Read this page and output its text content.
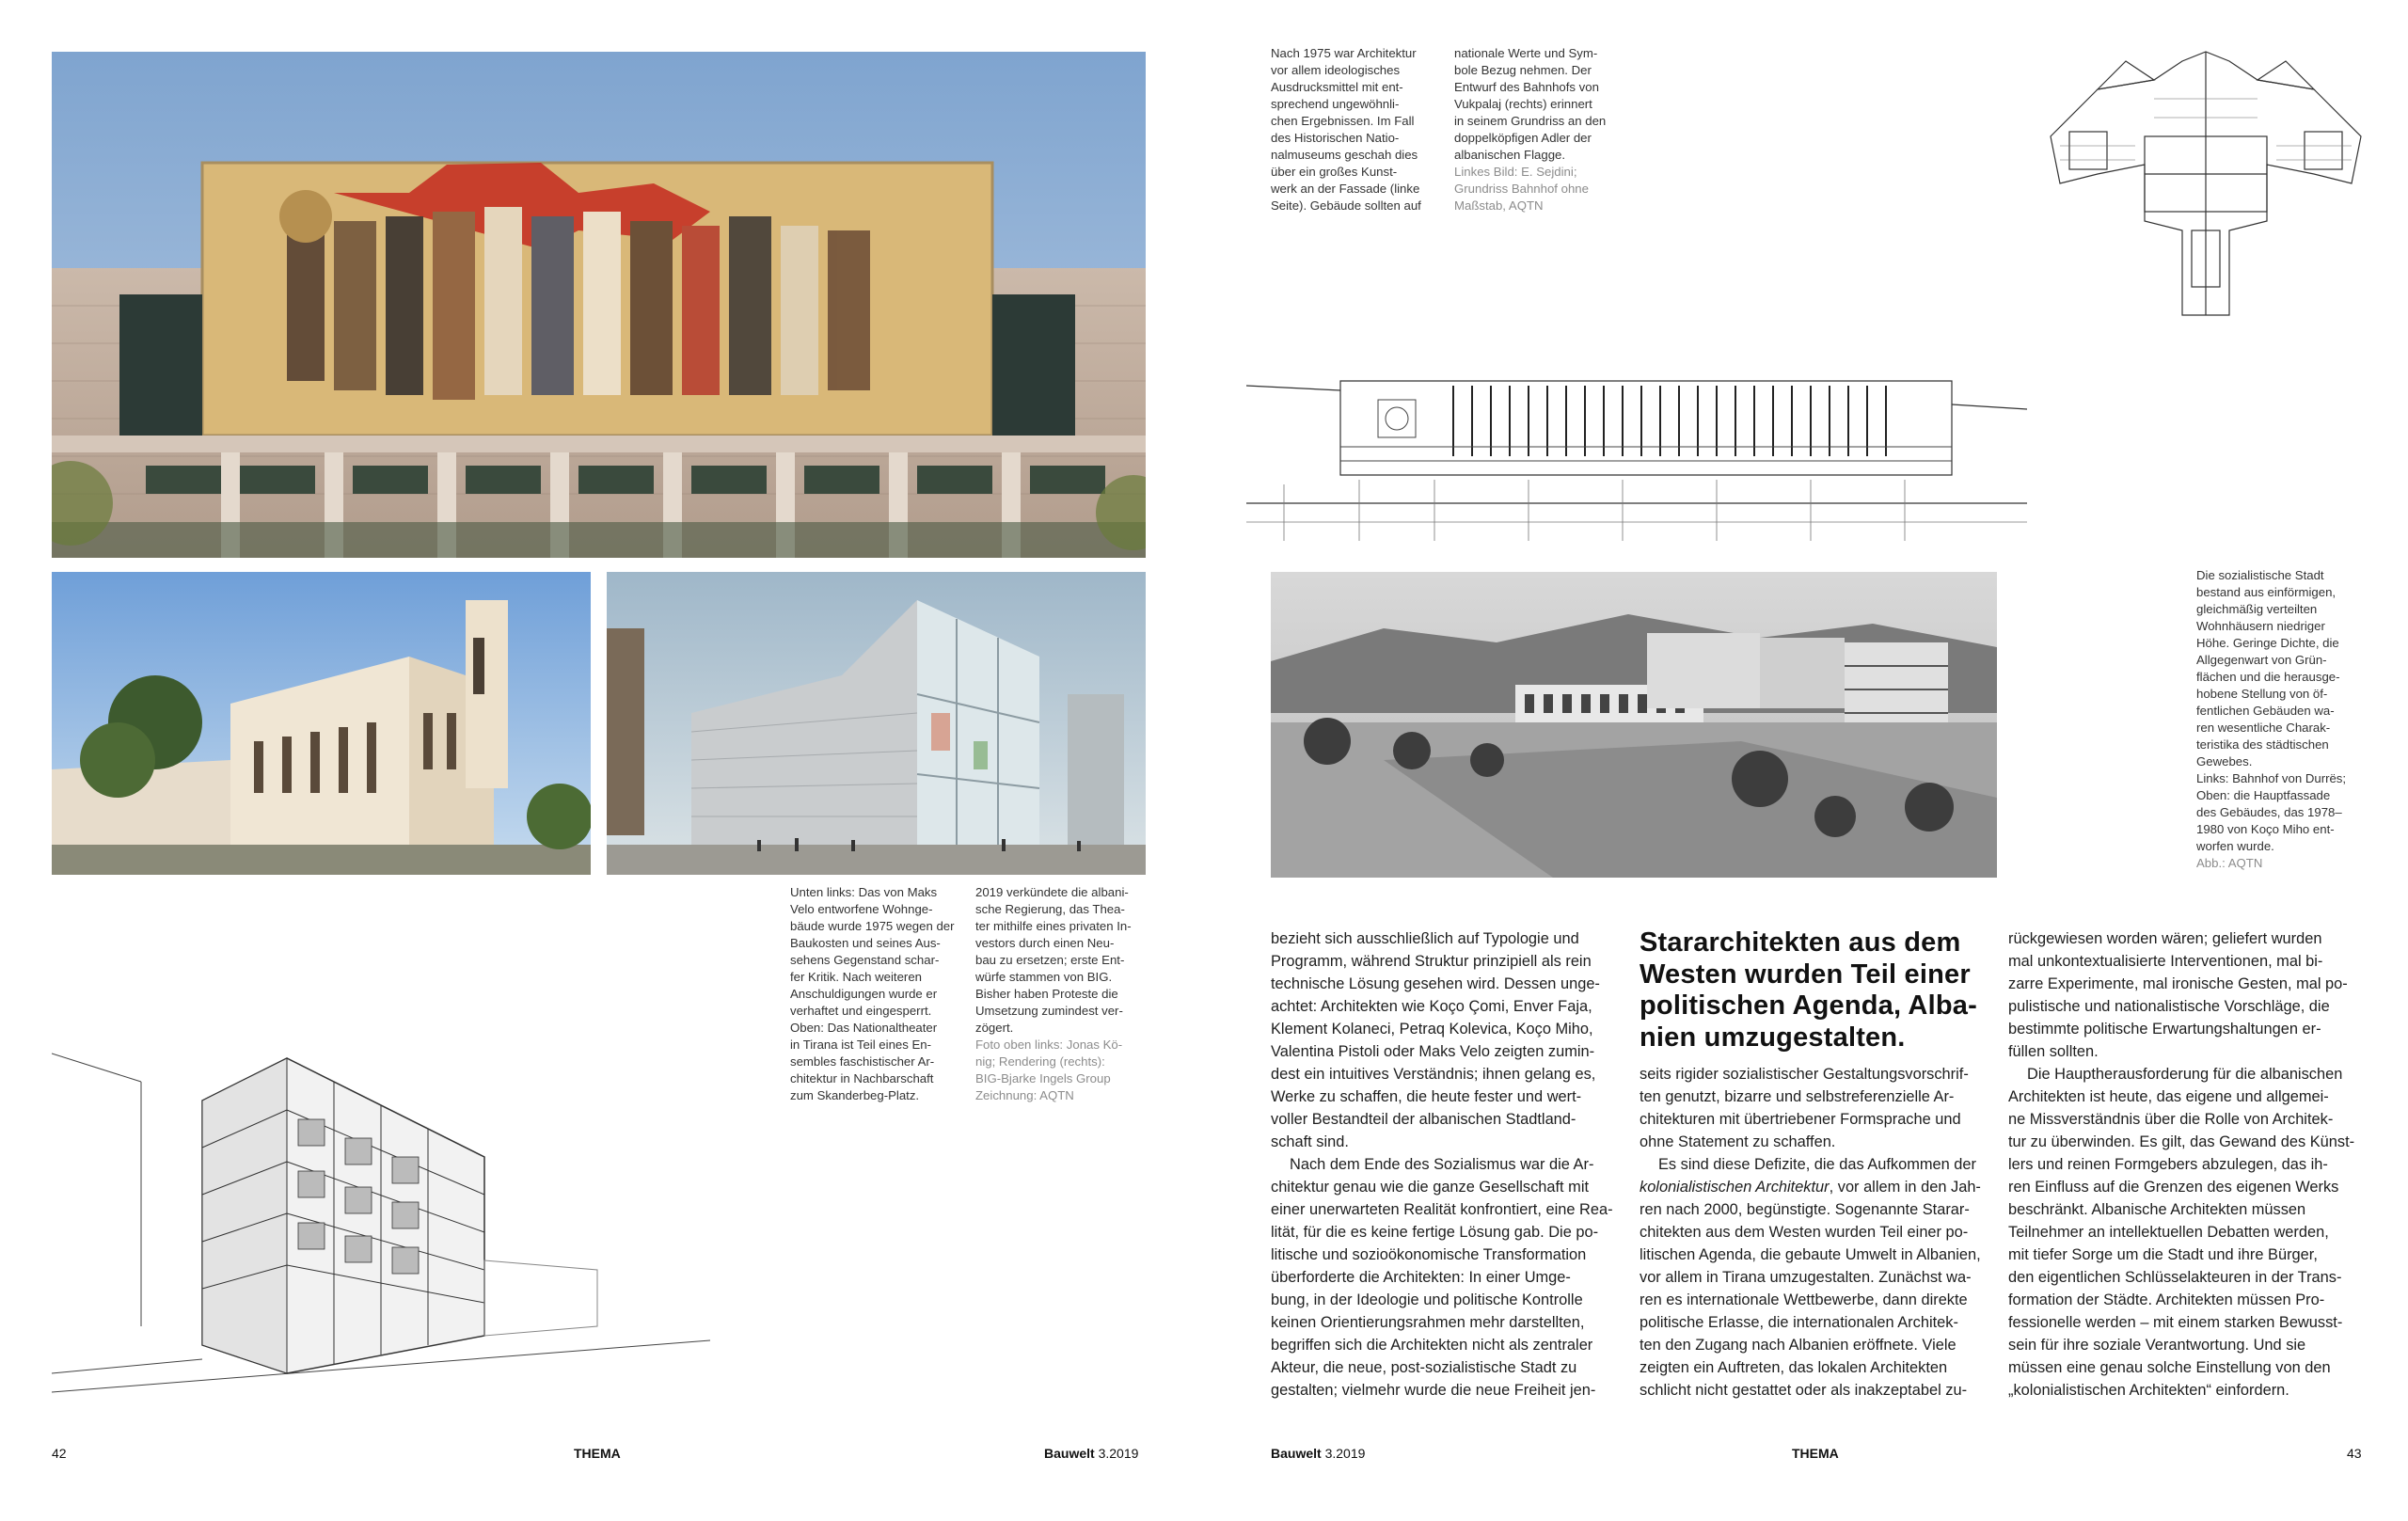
Unten links: Das von Maks

Velo entworfene Wohnge-

bäude wurde 1975 wegen der

Baukosten und seines Aus-

sehens Gegenstand schar-

fer Kritik. Nach weiteren

Anschuldigungen wurde er

verhaftet und eingesperrt.

Oben: Das Nationaltheater

in Tirana ist Teil eines En-

sembles faschistischer Ar-

chitektur in Nachbarschaft

zum Skanderbeg-Platz.

2019 verkündete die albani-

sche Regierung, das Thea-

ter mithilfe eines privaten In-

vestors durch einen Neu-

bau zu ersetzen; erste Ent-

würfe stammen von BIG.

Bisher haben Proteste die

Umsetzung zumindest ver-

zögert.

Foto oben links: Jonas Kö-

nig; Rendering (rechts):

BIG-Bjarke Ingels Group

Zeichnung: AQTN

42	THEMA	Bauwelt 3.2019

Nach 1975 war Architektur

vor allem ideologisches

Ausdrucksmittel mit ent-

sprechend ungewöhnli-

chen Ergebnissen. Im Fall

des Historischen Natio-

nalmuseums geschah dies

über ein großes Kunst-

werk an der Fassade (linke

Seite). Gebäude sollten auf

nationale Werte und Sym-

bole Bezug nehmen. Der

Entwurf des Bahnhofs von

Vukpalaj (rechts) erinnert

in seinem Grundriss an den

doppelköpfigen Adler der

albanischen Flagge.

Linkes Bild: E. Sejdini;

Grundriss Bahnhof ohne

Maßstab, AQTN

Die sozialistische Stadt

bestand aus einförmigen,

gleichmäßig verteilten

Wohnhäusern niedriger

Höhe. Geringe Dichte, die

Allgegenwart von Grün-

flächen und die herausge-

hobene Stellung von öf-

fentlichen Gebäuden wa-

ren wesentliche Charak-

teristika des städtischen

Gewebes.

Links: Bahnhof von Durrës;

Oben: die Hauptfassade

des Gebäudes, das 1978–

1980 von Koço Miho ent-

worfen wurde.

Abb.: AQTN

bezieht sich ausschließlich auf Typologie und

Programm, während Struktur prinzipiell als rein

technische Lösung gesehen wird. Dessen unge-

achtet: Architekten wie Koço Çomi, Enver Faja,

Klement Kolaneci, Petraq Kolevica, Koço Miho,

Valentina Pistoli oder Maks Velo zeigten zumin-

dest ein intuitives Verständnis; ihnen gelang es,

Werke zu schaffen, die heute fester und wert-

voller Bestandteil der albanischen Stadtland-

schaft sind.

Nach dem Ende des Sozialismus war die Ar-

chitektur genau wie die ganze Gesellschaft mit

einer unerwarteten Realität konfrontiert, eine Rea-

lität, für die es keine fertige Lösung gab. Die po-

litische und sozioökonomische Transformation

überforderte die Architekten: In einer Umge-

bung, in der Ideologie und politische Kontrolle

keinen Orientierungsrahmen mehr darstellten,

begriffen sich die Architekten nicht als zentraler

Akteur, die neue, post-sozialistische Stadt zu

gestalten; vielmehr wurde die neue Freiheit jen-

Stararchitekten aus dem
Westen wurden Teil einer
politischen Agenda, Alba-
nien umzugestalten.

seits rigider sozialistischer Gestaltungsvorschrif-

ten genutzt, bizarre und selbstreferenzielle Ar-

chitekturen mit übertriebener Formsprache und

ohne Statement zu schaffen.

Es sind diese Defizite, die das Aufkommen der

kolonialistischen Architektur, vor allem in den Jah-

ren nach 2000, begünstigte. Sogenannte Starar-

chitekten aus dem Westen wurden Teil einer po-

litischen Agenda, die gebaute Umwelt in Albanien,

vor allem in Tirana umzugestalten. Zunächst wa-

ren es internationale Wettbewerbe, dann direkte

politische Erlasse, die internationalen Architek-

ten den Zugang nach Albanien eröffnete. Viele

zeigten ein Auftreten, das lokalen Architekten

schlicht nicht gestattet oder als inakzeptabel zu-

rückgewiesen worden wären; geliefert wurden

mal unkontextualisierte Interventionen, mal bi-

zarre Experimente, mal ironische Gesten, mal po-

pulistische und nationalistische Vorschläge, die

bestimmte politische Erwartungshaltungen er-

füllen sollten.

Die Hauptherausforderung für die albanischen

Architekten ist heute, das eigene und allgemei-

ne Missverständnis über die Rolle von Architek-

tur zu überwinden. Es gilt, das Gewand des Künst-

lers und reinen Formgebers abzulegen, das ih-

ren Einfluss auf die Grenzen des eigenen Werks

beschränkt. Albanische Architekten müssen

Teilnehmer an intellektuellen Debatten werden,

mit tiefer Sorge um die Stadt und ihre Bürger,

den eigentlichen Schlüsselakteuren in der Trans-

formation der Städte. Architekten müssen Pro-

fessionelle werden – mit einem starken Bewusst-

sein für ihre soziale Verantwortung. Und sie

müssen eine genau solche Einstellung von den

„kolonialistischen Architekten“ einfordern.

Bauwelt 3.2019	THEMA	43
